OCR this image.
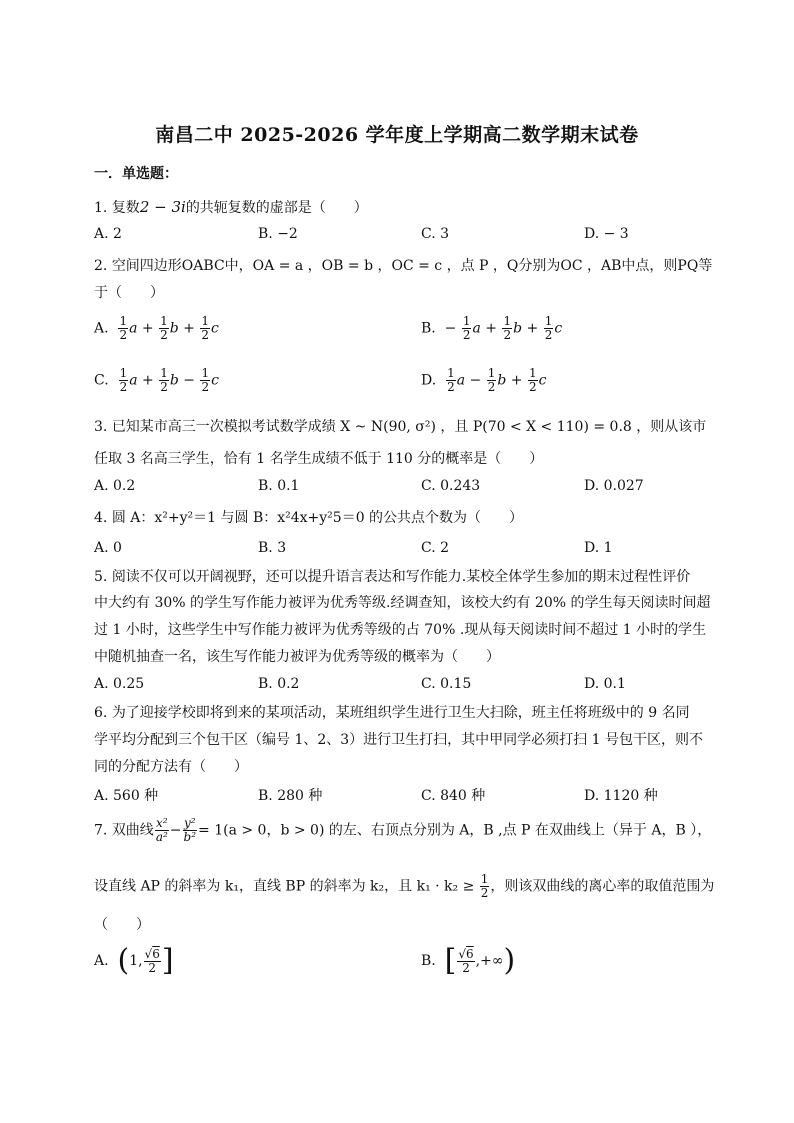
南昌二中 2025-2026 学年度上学期高二数学期末试卷
一．单选题：
1. 复数2 − 3i的共轭复数的虚部是（　　）
A. 2	B. −2	C. 3	D. − 3
2. 空间四边形OABC中，OA = a ，OB = b ，OC = c ，点 P ，Q分别为OC ，AB中点，则PQ等
于（　　）
A. $\frac{1}{2}$ $a + \frac{1}{2}$ $b + \frac{1}{2}$ c	B.  − $\frac{1}{2}$ $a + \frac{1}{2}$ $b + \frac{1}{2}$ c
C. $\frac{1}{2}$ $a + \frac{1}{2}$ $b - \frac{1}{2}$ c	D. $\frac{1}{2}$ $a - \frac{1}{2}$ $b + \frac{1}{2}$ c
3. 已知某市高三一次模拟考试数学成绩 X ~ N(90, σ²) ，且 P(70 < X < 110) = 0.8 ，则从该市
任取 3 名高三学生，恰有 1 名学生成绩不低于 110 分的概率是（　　）
A. 0.2	B. 0.1	C. 0.243	D. 0.027
4. 圆 A：x²+y²＝1 与圆 B：x²4x+y²5＝0 的公共点个数为（　　）
A. 0	B. 3	C. 2	D. 1
5. 阅读不仅可以开阔视野，还可以提升语言表达和写作能力.某校全体学生参加的期末过程性评价
中大约有 30% 的学生写作能力被评为优秀等级.经调查知，该校大约有 20% 的学生每天阅读时间超
过 1 小时，这些学生中写作能力被评为优秀等级的占 70% .现从每天阅读时间不超过 1 小时的学生
中随机抽查一名，该生写作能力被评为优秀等级的概率为（　　）
A. 0.25	B. 0.2	C. 0.15	D. 0.1
6. 为了迎接学校即将到来的某项活动，某班组织学生进行卫生大扫除，班主任将班级中的 9 名同
学平均分配到三个包干区（编号 1、2、3）进行卫生打扫，其中甲同学必须打扫 1 号包干区，则不
同的分配方法有（　　）
A. 560 种	B. 280 种	C. 840 种	D. 1120 种
7. 双曲线 $\frac{\text{x²}}{\text{a²}} - \frac{\text{y²}}{\text{b²}} = 1(a > 0$，b > 0) 的左、右顶点分别为 A，B ,点 P 在双曲线上（异于 A，B ），
设直线 AP 的斜率为 k₁，直线 BP 的斜率为 k₂，且 $k_1 \cdot k_2 \ge \frac{1}{2}$ ，则该双曲线的离心率的取值范围为
（　　）
A. (1, $\frac{√6}{2}$ ]	B. [ $\frac{√6}{2}$ ,+∞)
